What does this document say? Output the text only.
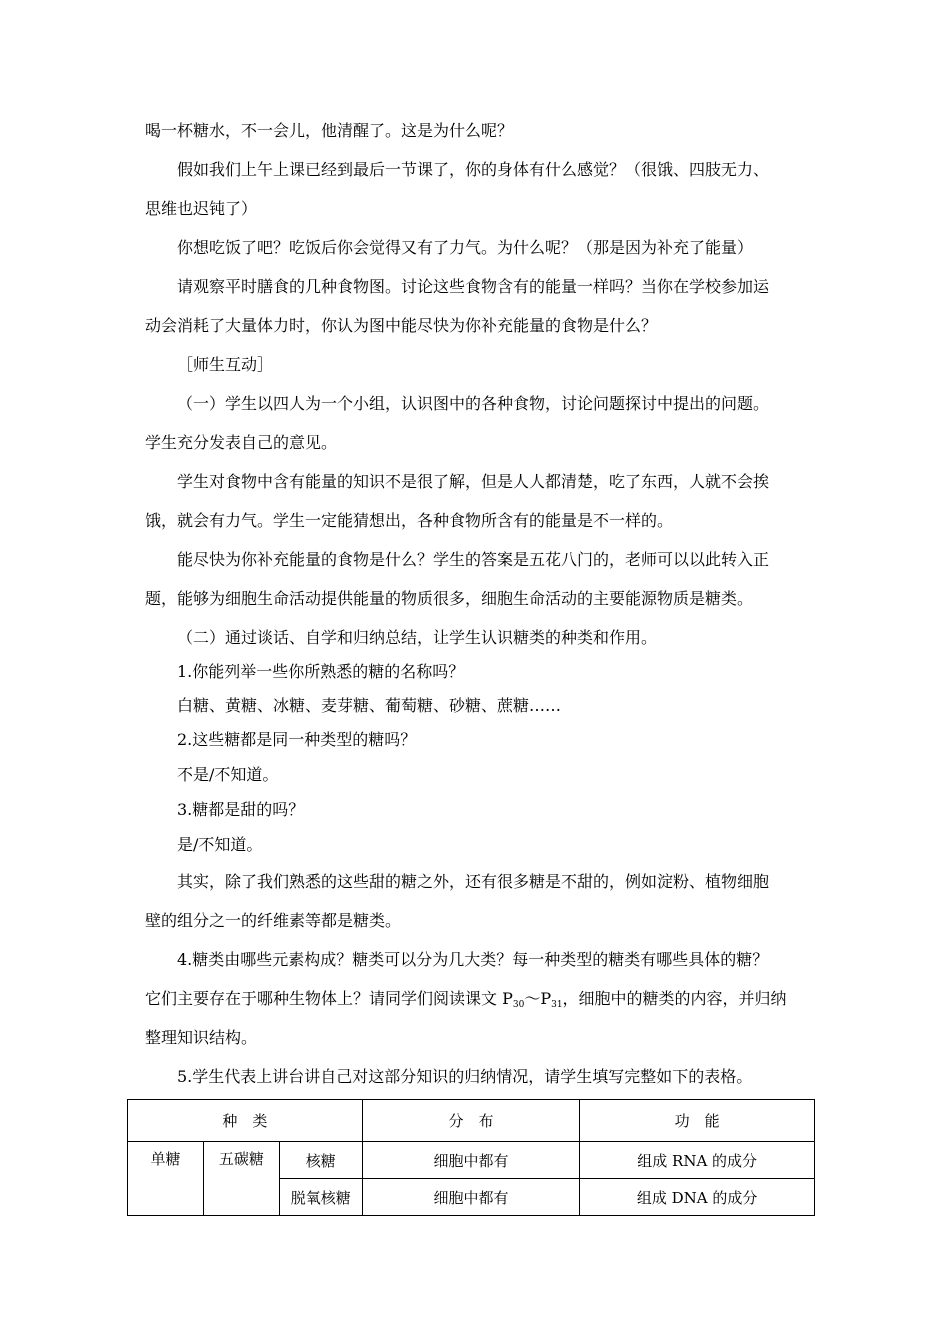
喝一杯糖水，不一会儿，他清醒了。这是为什么呢？
假如我们上午上课已经到最后一节课了，你的身体有什么感觉？（很饿、四肢无力、
思维也迟钝了）
你想吃饭了吧？吃饭后你会觉得又有了力气。为什么呢？（那是因为补充了能量）
请观察平时膳食的几种食物图。讨论这些食物含有的能量一样吗？当你在学校参加运
动会消耗了大量体力时，你认为图中能尽快为你补充能量的食物是什么？
［师生互动］
（一）学生以四人为一个小组，认识图中的各种食物，讨论问题探讨中提出的问题。
学生充分发表自己的意见。
学生对食物中含有能量的知识不是很了解，但是人人都清楚，吃了东西，人就不会挨
饿，就会有力气。学生一定能猜想出，各种食物所含有的能量是不一样的。
能尽快为你补充能量的食物是什么？学生的答案是五花八门的，老师可以以此转入正
题，能够为细胞生命活动提供能量的物质很多，细胞生命活动的主要能源物质是糖类。
（二）通过谈话、自学和归纳总结，让学生认识糖类的种类和作用。
1.你能列举一些你所熟悉的糖的名称吗？
白糖、黄糖、冰糖、麦芽糖、葡萄糖、砂糖、蔗糖……
2.这些糖都是同一种类型的糖吗？
不是/不知道。
3.糖都是甜的吗？
是/不知道。
其实，除了我们熟悉的这些甜的糖之外，还有很多糖是不甜的，例如淀粉、植物细胞
壁的组分之一的纤维素等都是糖类。
4.糖类由哪些元素构成？糖类可以分为几大类？每一种类型的糖类有哪些具体的糖？
它们主要存在于哪种生物体上？请同学们阅读课文 $P_{30}\sim P_{31}$，细胞中的糖类的内容，并归纳
整理知识结构。
5.学生代表上讲台讲自己对这部分知识的归纳情况，请学生填写完整如下的表格。
种　类			分　布	功　能
单糖	五碳糖	核糖	细胞中都有	组成 RNA 的成分
		脱氧核糖	细胞中都有	组成 DNA 的成分
